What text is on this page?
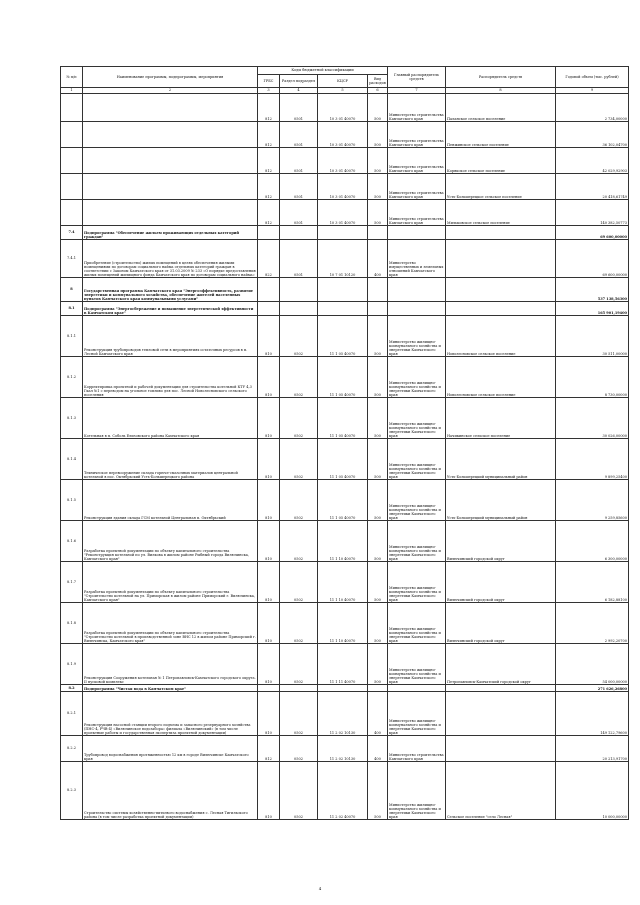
№ п/п	Наименование программы, подпрограммы, мероприятия	Коды бюджетной классификации				Главный распорядитель средств	Распорядитель средств	Годовой объем (тыс. рублей)
		ГРБС	Раздел подраздел	КЦСР	Вид расходов			
1	2	3	4	5	6	7	8	9
		812	0501	10 3 01 40070	500	Министерство строительства Камчатского края	Паланское сельское поселение	2 734,00000
		812	0501	10 3 01 40070	500	Министерство строительства Камчатского края	Пенжинское сельское поселение	36 102,04700
		812	0501	10 3 01 40070	500	Министерство строительства Камчатского края	Корякское сельское поселение	42 029,92903
		812	0501	10 3 01 40070	500	Министерство строительства Камчатского края	Усть-Большерецкое сельское поселение	20 418,61749
		812	0501	10 3 01 40070	500	Министерство строительства Камчатского края	Мильковское сельское поселение	140 382,50773
7.4	Подпрограмма "Обеспечение жильем проживающих отдельных категорий граждан"							69 600,00000
7.4.1	Приобретение (строительство) жилых помещений в целях обеспечения жилыми помещениями по договорам социального найма отдельных категорий граждан в соответствии с Законом Камчатского края от 31.03.2009 № 233 «О порядке предоставления жилых помещений жилищного фонда Камчатского края по договорам социального найма»	822	0501	10 7 01 10120	400	Министерство имущественных и земельных отношений Камчатского края		69 600,00000
8	Государственная программа Камчатского края "Энергоэффективность, развитие энергетики и коммунального хозяйства, обеспечение жителей населенных пунктов Камчатского края коммунальными услугами"							537 138,56300
8.1	Подпрограмма "Энергосбережение и повышение энергетической эффективности в Камчатском крае"							165 901,19400
8.1.1	Реконструкция трубопроводов тепловой сети в мероприятиях остаточных ресурсов в п. Лесной Камчатского края	810	0502	11 1 05 40070	500	Министерство жилищно-коммунального хозяйства и энергетики Камчатского края	Новолесновское сельское поселение	30 511,00000
8.1.2	Корректировка проектной и рабочей документации для строительства котельной КТУ 4,3 Гкал №1 с переводом на угольное топливо для пос. Лесной Новолесновского сельского поселения	810	0502	11 1 05 40070	500	Министерство жилищно-коммунального хозяйства и энергетики Камчатского края	Новолесновское сельское поселение	8 730,00000
8.1.3	Котельная в п. Соболь Елизовского района Камчатского края	810	0502	11 1 05 40070	500	Министерство жилищно-коммунального хозяйства и энергетики Камчатского края	Начикинское сельское поселение	30 026,00000
8.1.4	Техническое перевооружение склада горюче-смазочных материалов центральной котельной в пос. Октябрьский Усть-Большерецкого района	810	0502	11 1 05 40070	500	Министерство жилищно-коммунального хозяйства и энергетики Камчатского края	Усть-Большерецкий муниципальный район	9 899,25400
8.1.5	Реконструкция здания склада ГСМ котельной Центральная п. Октябрьский	810	0502	11 1 05 40070	500	Министерство жилищно-коммунального хозяйства и энергетики Камчатского края	Усть-Большерецкий муниципальный район	9 259,85600
8.1.6	Разработка проектной документации по объекту капитального строительства "Реконструкция котельной по ул. Вилкова в жилом районе Рыбный города Вилючинска, Камчатского края"	810	0502	11 1 10 40070	500	Министерство жилищно-коммунального хозяйства и энергетики Камчатского края	Вилючинский городской округ	6 300,00000
8.1.7	Разработка проектной документации по объекту капитального строительства "Строительство котельной на ул. Приморская в жилом районе Приморский г. Вилючинска, Камчатского края"	810	0502	11 1 10 40070	500	Министерство жилищно-коммунального хозяйства и энергетики Камчатского края	Вилючинский городской округ	6 182,88100
8.1.8	Разработка проектной документации по объекту капитального строительства "Строительство котельной в производственной зоне ВНС 12 в жилом районе Приморский г. Вилючинска, Камчатского края"	810	0502	11 1 10 40070	500	Министерство жилищно-коммунального хозяйства и энергетики Камчатского края	Вилючинский городской округ	2 992,20700
8.1.9	Реконструкция Сооружения котельная № 1 Петропавловск-Камчатского городского округа. II пусковой комплекс	810	0502	11 1 11 40070	500	Министерство жилищно-коммунального хозяйства и энергетики Камчатского края	Петропавловск-Камчатский городской округ	54 000,00000
8.2	Подпрограмма "Чистая вода в Камчатском крае"							271 626,26800
8.2.1	Реконструкция насосной станции второго подъема и запасного резервуарного хозяйства (ПНС-4, РЧВ-4) «Вилючинское водозабора» филиала «Вилючинский» (в том числе проектные работы и государственная экспертиза проектной документации)	810	0502	11 2 02 10130	400	Министерство жилищно-коммунального хозяйства и энергетики Камчатского края		149 122,79600
8.2.2	Трубопровод водоснабжения протяженностью 12 км в городе Вилючинске Камчатского края	812	0502	11 2 02 10130	400	Министерство строительства Камчатского края		20 213,91700
8.2.3	Строительство системы хозяйственно-питьевого водоснабжения с. Лесная Тигильского района (в том числе разработка проектной документации)	810	0502	11 2 02 40070	500	Министерство жилищно-коммунального хозяйства и энергетики Камчатского края	Сельское поселение "село Лесная"	10 000,00000
4
